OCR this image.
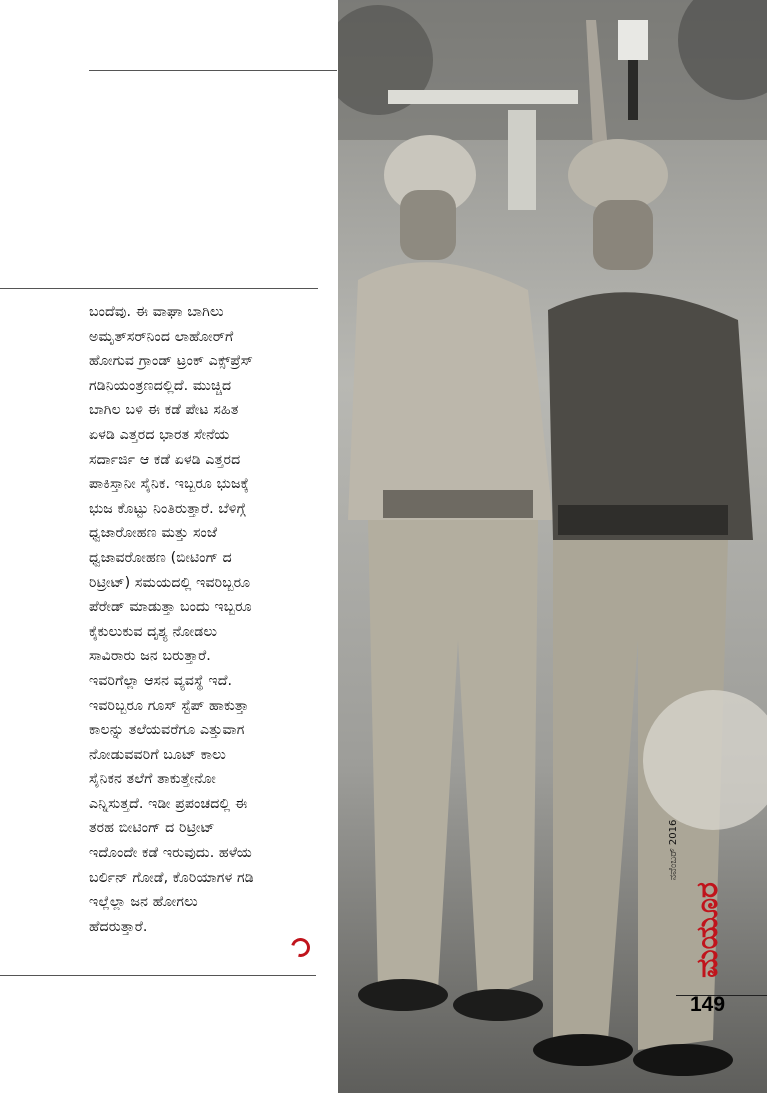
ಬಂದೆವು. ಈ ವಾಘಾ ಬಾಗಿಲು
ಅಮೃತ್‌ಸರ್‌ನಿಂದ ಲಾಹೋರ್‌ಗೆ
ಹೋಗುವ ಗ್ರಾಂಡ್ ಟ್ರಂಕ್ ಎಕ್ಸ್‌ಪ್ರೆಸ್
ಗಡಿನಿಯಂತ್ರಣದಲ್ಲಿದೆ. ಮುಚ್ಚಿದ
ಬಾಗಿಲ ಬಳಿ ಈ ಕಡೆ ಪೇಟ ಸಹಿತ
ಏಳಡಿ ಎತ್ತರದ ಭಾರತ ಸೇನೆಯ
ಸರ್ದಾರ್ಜಿ ಆ ಕಡೆ ಏಳಡಿ ಎತ್ತರದ
ಪಾಕಿಸ್ತಾನೀ ಸೈನಿಕ. ಇಬ್ಬರೂ ಭುಜಕ್ಕೆ
ಭುಜ ಕೊಟ್ಟು ನಿಂತಿರುತ್ತಾರೆ. ಬೆಳಿಗ್ಗೆ
ಧ್ವಜಾರೋಹಣ ಮತ್ತು ಸಂಜೆ
ಧ್ವಜಾವರೋಹಣ (ಬೀಟಿಂಗ್ ದ
ರಿಟ್ರೀಟ್) ಸಮಯದಲ್ಲಿ ಇವರಿಬ್ಬರೂ
ಪೆರೇಡ್ ಮಾಡುತ್ತಾ ಬಂದು ಇಬ್ಬರೂ
ಕೈಕುಲುಕುವ ದೃಶ್ಯ ನೋಡಲು
ಸಾವಿರಾರು ಜನ ಬರುತ್ತಾರೆ.
ಇವರಿಗೆಲ್ಲಾ ಆಸನ ವ್ಯವಸ್ಥೆ ಇದೆ.
ಇವರಿಬ್ಬರೂ ಗೂಸ್ ಸ್ಟೆಪ್ ಹಾಕುತ್ತಾ
ಕಾಲನ್ನು ತಲೆಯವರೆಗೂ ಎತ್ತುವಾಗ
ನೋಡುವವರಿಗೆ ಬೂಟ್ ಕಾಲು
ಸೈನಿಕನ ತಲೆಗೆ ತಾಕುತ್ತೇನೋ
ಎನ್ನಿಸುತ್ತದೆ. ಇಡೀ ಪ್ರಪಂಚದಲ್ಲಿ ಈ
ತರಹ ಬೀಟಿಂಗ್ ದ ರಿಟ್ರೀಟ್
ಇದೊಂದೇ ಕಡೆ ಇರುವುದು. ಹಳೆಯ
ಬರ್ಲಿನ್ ಗೋಡೆ, ಕೊರಿಯಾಗಳ ಗಡಿ
ಇಲ್ಲೆಲ್ಲಾ ಜನ ಹೋಗಲು
ಹೆದರುತ್ತಾರೆ.
ನವೆಂಬರ್ 2016
ಮಯೂರ
149
